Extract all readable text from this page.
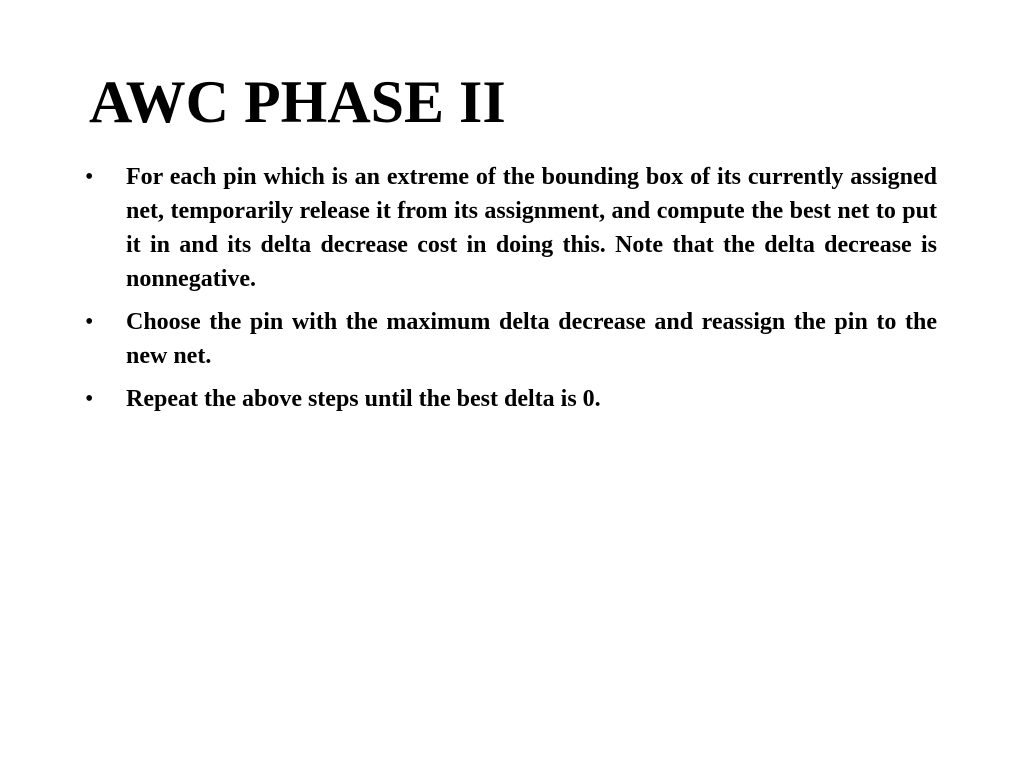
AWC PHASE II
• For each pin which is an extreme of the bounding box of its currently assigned net, temporarily release it from its assignment, and compute the best net to put it in and its delta decrease cost in doing this. Note that the delta decrease is nonnegative.
• Choose the pin with the maximum delta decrease and reassign the pin to the new net.
• Repeat the above steps until the best delta is 0.
